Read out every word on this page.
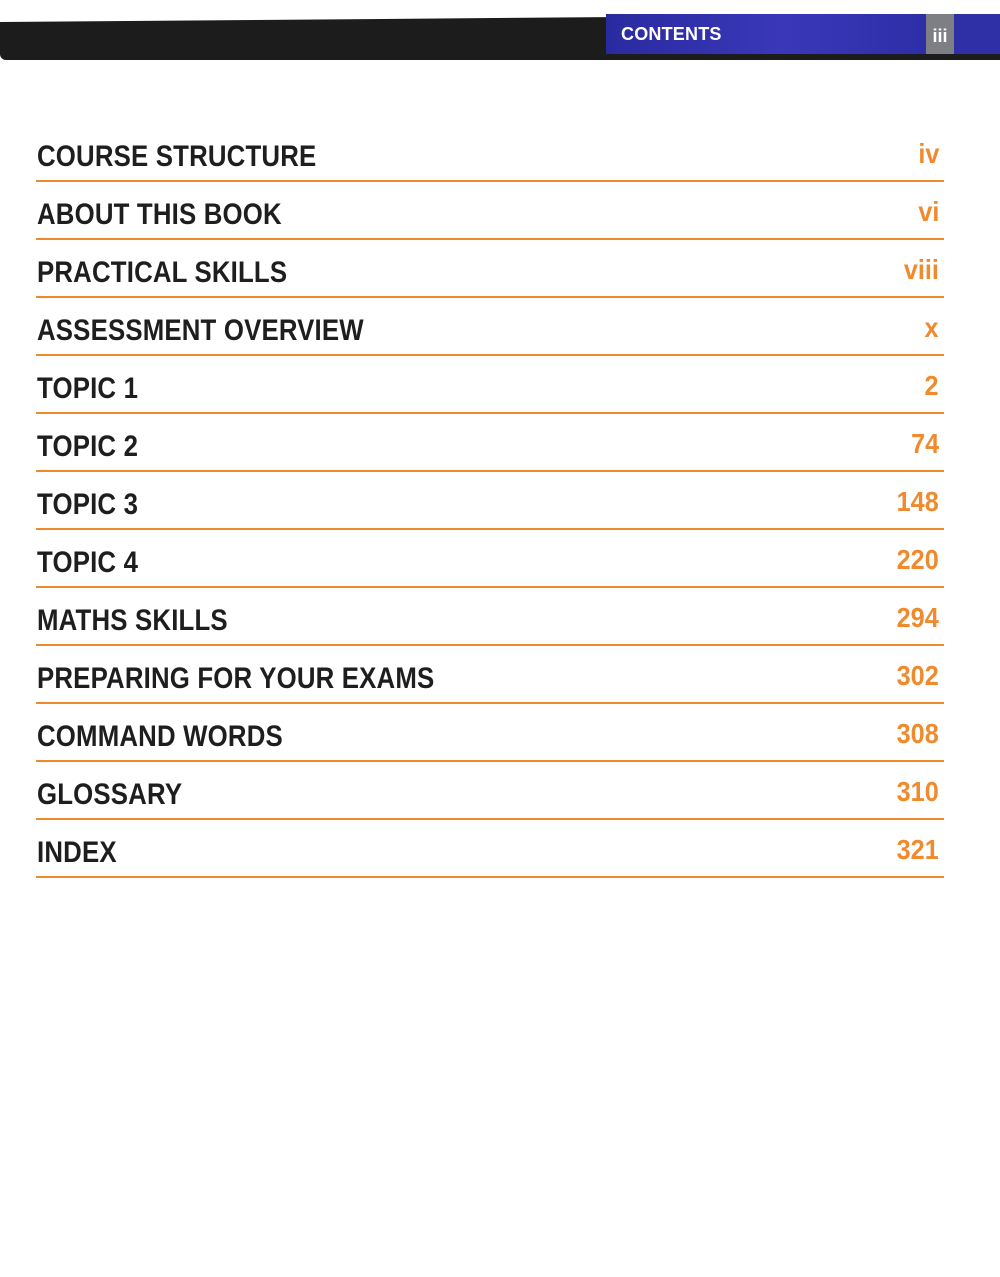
CONTENTS	iii
COURSE STRUCTURE	iv
ABOUT THIS BOOK	vi
PRACTICAL SKILLS	viii
ASSESSMENT OVERVIEW	x
TOPIC 1	2
TOPIC 2	74
TOPIC 3	148
TOPIC 4	220
MATHS SKILLS	294
PREPARING FOR YOUR EXAMS	302
COMMAND WORDS	308
GLOSSARY	310
INDEX	321
